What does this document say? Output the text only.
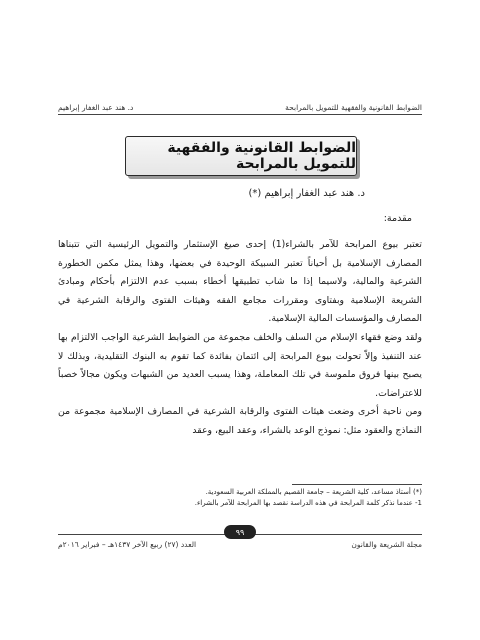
الضوابط القانونية والفقهية للتمويل بالمرابحة
د. هند عبد الغفار إبراهيم
الضوابط القانونية والفقهية للتمويل بالمرابحة
د. هند عبد الغفار إبراهيم (*)
مقدمة:

تعتبر بيوع المرابحة للآمر بالشراء(1) إحدى صيغ الإستثمار والتمويل الرئيسية التي تتبناها المصارف الإسلامية بل أحياناً تعتبر السبيكة الوحيدة في بعضها، وهذا يمثل مكمن الخطورة الشرعية والمالية، ولاسيما إذا ما شاب تطبيقها أخطاء بسبب عدم الالتزام بأحكام ومبادئ الشريعة الإسلامية وبفتاوى ومقررات مجامع الفقه وهيئات الفتوى والرقابة الشرعية في المصارف والمؤسسات المالية الإسلامية.

ولقد وضع فقهاء الإسلام من السلف والخلف مجموعة من الضوابط الشرعية الواجب الالتزام بها عند التنفيذ وإلاّ تحولت بيوع المرابحة إلى ائتمان بفائدة كما تقوم به البنوك التقليدية، وبذلك لا يصبح بينها فروق ملموسة في تلك المعاملة، وهذا يسبب العديد من الشبهات ويكون مجالاً خصباً للاعتراضات.

ومن ناحية أخرى وضعت هيئات الفتوى والرقابة الشرعية في المصارف الإسلامية مجموعة من النماذج والعقود مثل: نموذج الوعد بالشراء، وعقد البيع، وعقد

(*) أستاذ مساعد، كلية الشريعة – جامعة القصيم بالمملكة العربية السعودية.
1- عندما نذكر كلمة المرابحة في هذه الدراسة نقصد بها المرابحة للآمر بالشراء.
٩٩
مجلة الشريعة والقانون
العدد (٢٧) ربيع الآخر ١٤٣٧هـ – فبراير ٢٠١٦م
